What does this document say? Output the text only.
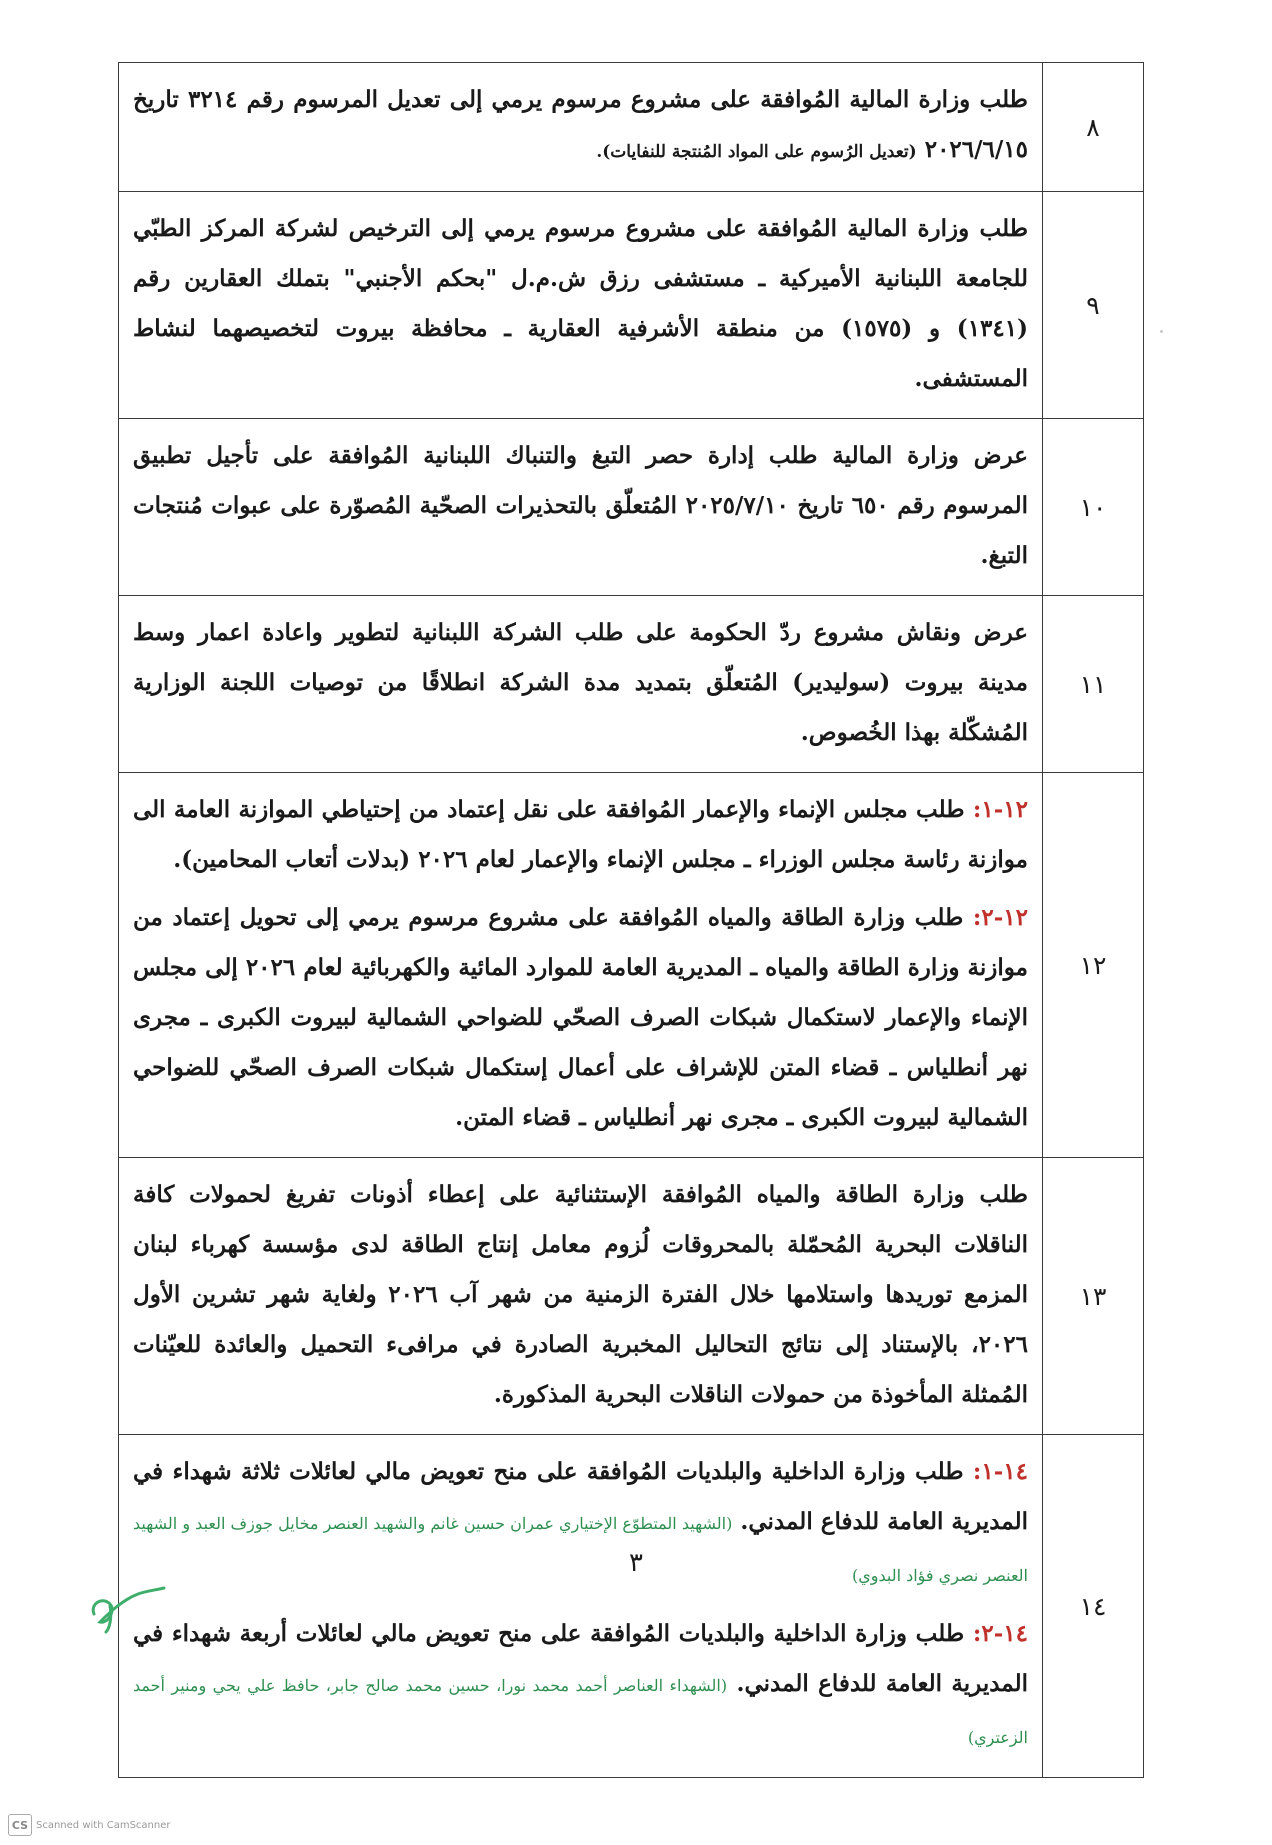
٨	طلب وزارة المالية المُوافقة على مشروع مرسوم يرمي إلى تعديل المرسوم رقم ٣٢١٤ تاريخ ٢٠٢٦/٦/١٥ (تعديل الرُسوم على المواد المُنتجة للنفايات).

٩	طلب وزارة المالية المُوافقة على مشروع مرسوم يرمي إلى الترخيص لشركة المركز الطبّي للجامعة اللبنانية الأميركية ـ مستشفى رزق ش.م.ل "بحكم الأجنبي" بتملك العقارين رقم (١٣٤١) و (١٥٧٥) من منطقة الأشرفية العقارية ـ محافظة بيروت لتخصيصهما لنشاط المستشفى.

١٠	عرض وزارة المالية طلب إدارة حصر التبغ والتنباك اللبنانية المُوافقة على تأجيل تطبيق المرسوم رقم ٦٥٠ تاريخ ٢٠٢٥/٧/١٠ المُتعلّق بالتحذيرات الصحّية المُصوّرة على عبوات مُنتجات التبغ.

١١	عرض ونقاش مشروع ردّ الحكومة على طلب الشركة اللبنانية لتطوير واعادة اعمار وسط مدينة بيروت (سوليدير) المُتعلّق بتمديد مدة الشركة انطلاقًا من توصيات اللجنة الوزارية المُشكّلة بهذا الخُصوص.

١٢	١٢-١: طلب مجلس الإنماء والإعمار المُوافقة على نقل إعتماد من إحتياطي الموازنة العامة الى موازنة رئاسة مجلس الوزراء ـ مجلس الإنماء والإعمار لعام ٢٠٢٦ (بدلات أتعاب المحامين).

١٢-٢: طلب وزارة الطاقة والمياه المُوافقة على مشروع مرسوم يرمي إلى تحويل إعتماد من موازنة وزارة الطاقة والمياه ـ المديرية العامة للموارد المائية والكهربائية لعام ٢٠٢٦ إلى مجلس الإنماء والإعمار لاستكمال شبكات الصرف الصحّي للضواحي الشمالية لبيروت الكبرى ـ مجرى نهر أنطلياس ـ قضاء المتن للإشراف على أعمال إستكمال شبكات الصرف الصحّي للضواحي الشمالية لبيروت الكبرى ـ مجرى نهر أنطلياس ـ قضاء المتن.

١٣	طلب وزارة الطاقة والمياه المُوافقة الإستثنائية على إعطاء أذونات تفريغ لحمولات كافة الناقلات البحرية المُحمّلة بالمحروقات لُزوم معامل إنتاج الطاقة لدى مؤسسة كهرباء لبنان المزمع توريدها واستلامها خلال الفترة الزمنية من شهر آب ٢٠٢٦ ولغاية شهر تشرين الأول ٢٠٢٦، بالإستناد إلى نتائج التحاليل المخبرية الصادرة في مرافىء التحميل والعائدة للعيّنات المُمثلة المأخوذة من حمولات الناقلات البحرية المذكورة.

١٤	١٤-١: طلب وزارة الداخلية والبلديات المُوافقة على منح تعويض مالي لعائلات ثلاثة شهداء في المديرية العامة للدفاع المدني. (الشهيد المتطوّع الإختياري عمران حسين غانم والشهيد العنصر مخايل جوزف العبد و الشهيد العنصر نصري فؤاد البدوي)

١٤-٢: طلب وزارة الداخلية والبلديات المُوافقة على منح تعويض مالي لعائلات أربعة شهداء في المديرية العامة للدفاع المدني. (الشهداء العناصر أحمد محمد نورا، حسين محمد صالح جابر، حافظ علي يحي ومنير أحمد الزعتري)

٣
CS Scanned with CamScanner
